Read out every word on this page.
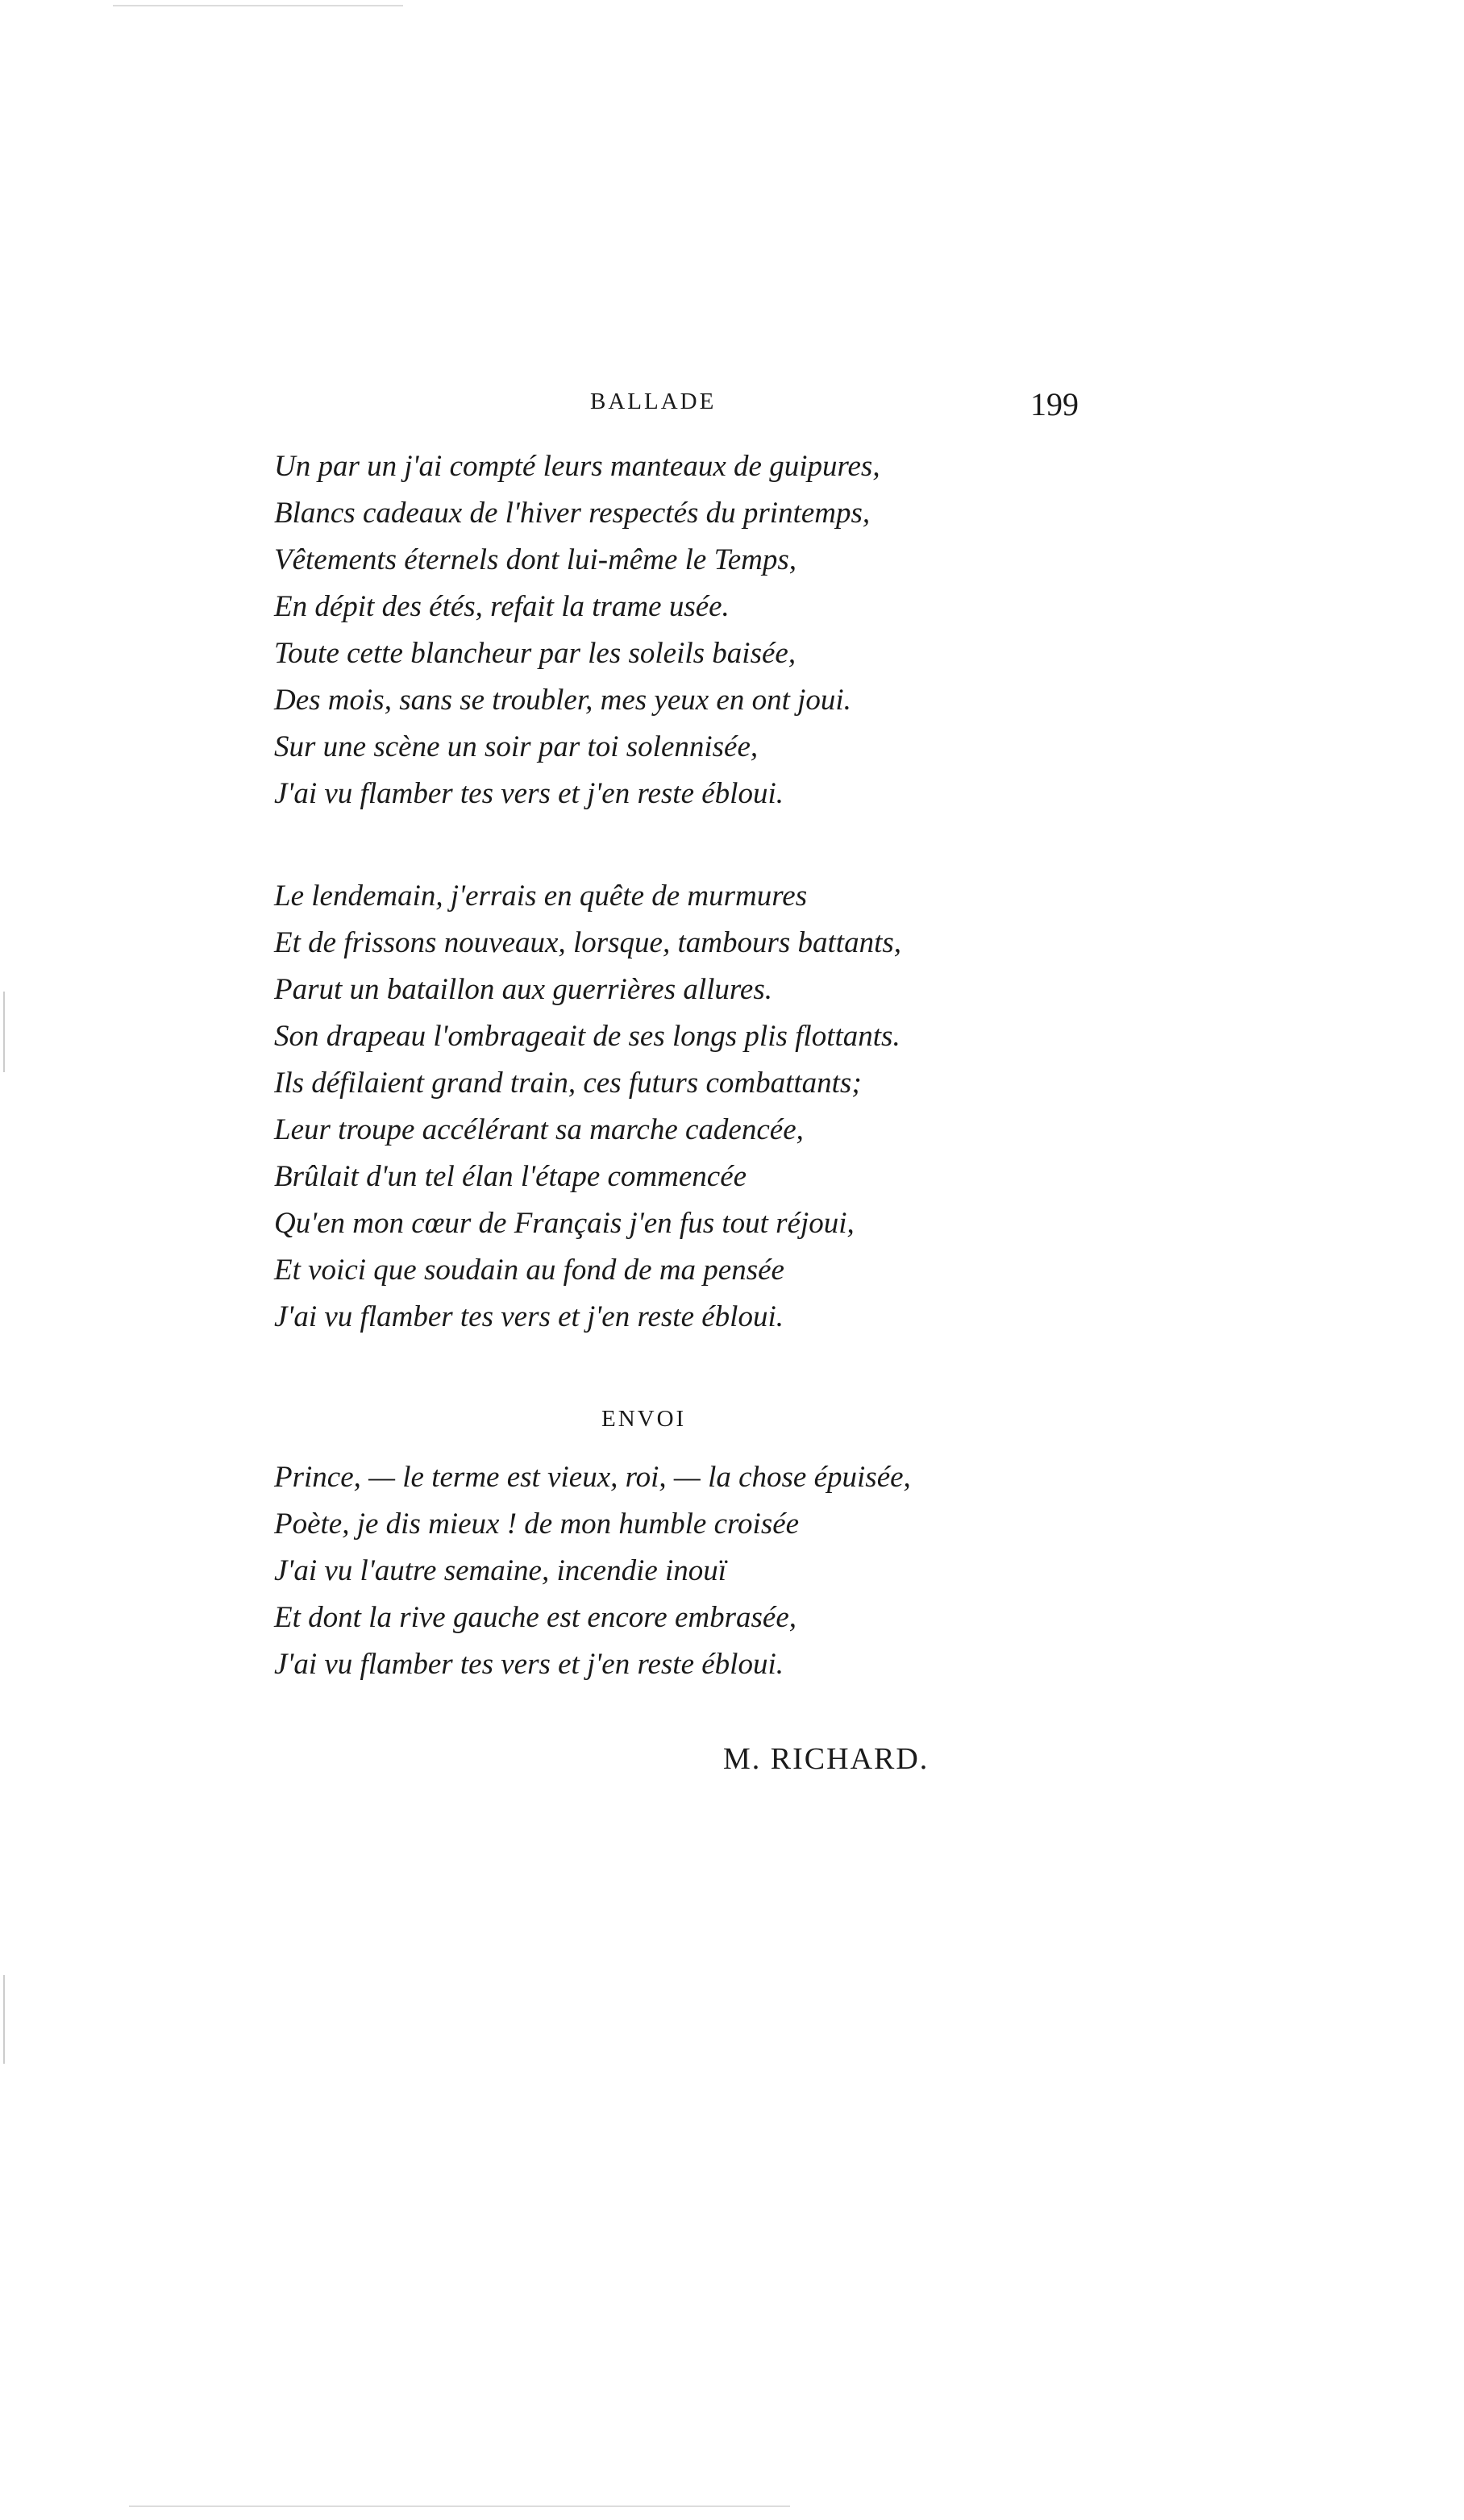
BALLADE	199
Un par un j'ai compté leurs manteaux de guipures,
Blancs cadeaux de l'hiver respectés du printemps,
Vêtements éternels dont lui-même le Temps,
En dépit des étés, refait la trame usée.
Toute cette blancheur par les soleils baisée,
Des mois, sans se troubler, mes yeux en ont joui.
Sur une scène un soir par toi solennisée,
J'ai vu flamber tes vers et j'en reste ébloui.
Le lendemain, j'errais en quête de murmures
Et de frissons nouveaux, lorsque, tambours battants,
Parut un bataillon aux guerrières allures.
Son drapeau l'ombrageait de ses longs plis flottants.
Ils défilaient grand train, ces futurs combattants;
Leur troupe accélérant sa marche cadencée,
Brûlait d'un tel élan l'étape commencée
Qu'en mon cœur de Français j'en fus tout réjoui,
Et voici que soudain au fond de ma pensée
J'ai vu flamber tes vers et j'en reste ébloui.
ENVOI
Prince, — le terme est vieux, roi, — la chose épuisée,
Poète, je dis mieux ! de mon humble croisée
J'ai vu l'autre semaine, incendie inouï
Et dont la rive gauche est encore embrasée,
J'ai vu flamber tes vers et j'en reste ébloui.
M. RICHARD.
